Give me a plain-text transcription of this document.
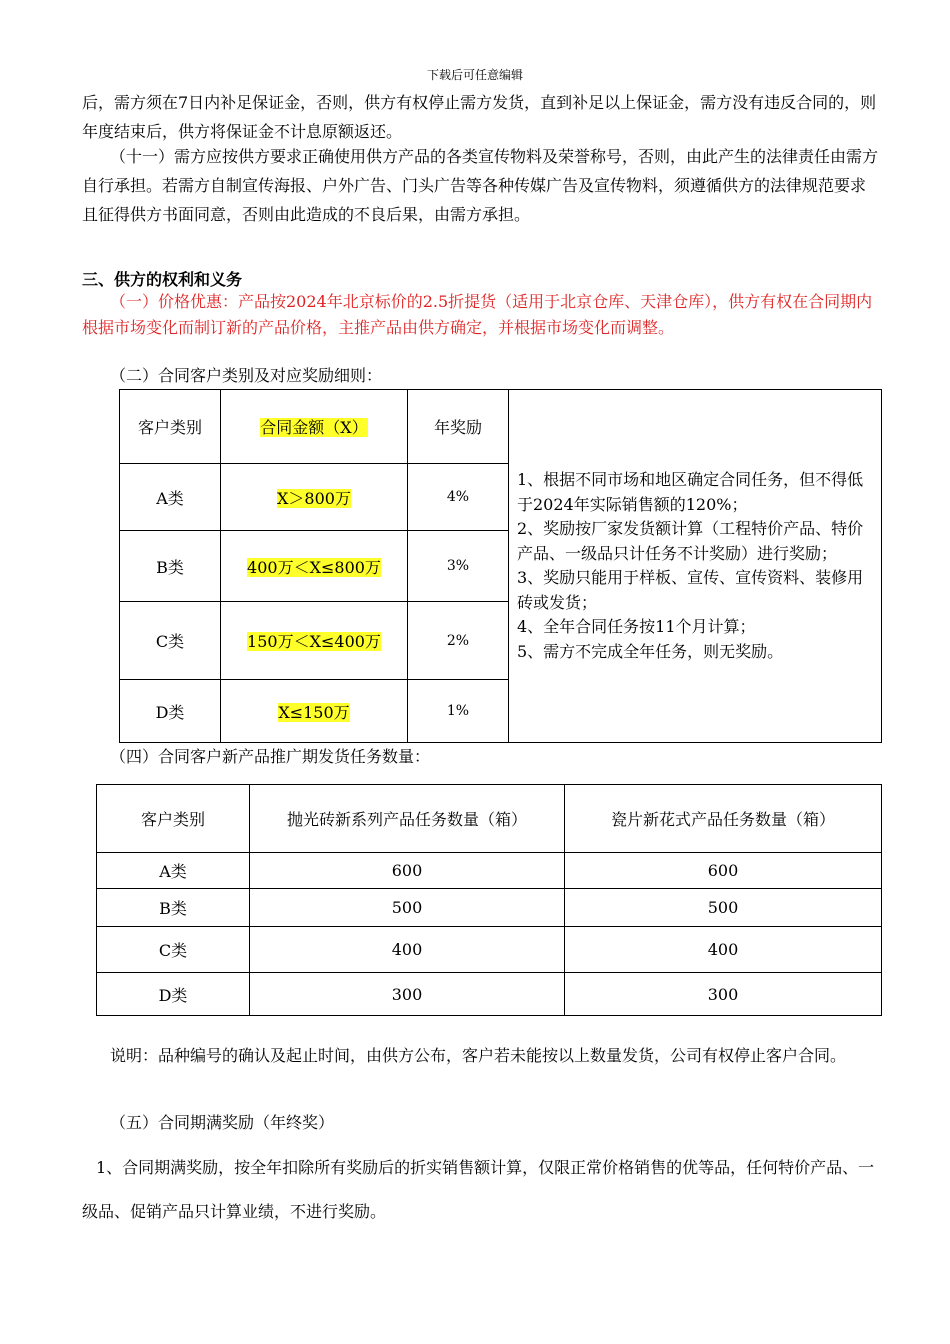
下载后可任意编辑

后，需方须在7日内补足保证金，否则，供方有权停止需方发货，直到补足以上保证金，需方没有违反合同的，则年度结束后，供方将保证金不计息原额返还。

（十一）需方应按供方要求正确使用供方产品的各类宣传物料及荣誉称号，否则，由此产生的法律责任由需方自行承担。若需方自制宣传海报、户外广告、门头广告等各种传媒广告及宣传物料，须遵循供方的法律规范要求且征得供方书面同意，否则由此造成的不良后果，由需方承担。

三、供方的权利和义务

（一）价格优惠：产品按2024年北京标价的2.5折提货（适用于北京仓库、天津仓库），供方有权在合同期内根据市场变化而制订新的产品价格，主推产品由供方确定，并根据市场变化而调整。

（二）合同客户类别及对应奖励细则：

客户类别	合同金额（X）	年奖励	1、根据不同市场和地区确定合同任务，但不得低于2024年实际销售额的120%；
2、奖励按厂家发货额计算（工程特价产品、特价产品、一级品只计任务不计奖励）进行奖励；
3、奖励只能用于样板、宣传、宣传资料、装修用砖或发货；
4、全年合同任务按11个月计算；
5、需方不完成全年任务，则无奖励。

A类	X＞800万	4%	
B类	400万＜X≤800万	3%	
C类	150万＜X≤400万	2%	
D类	X≤150万	1%	

（四）合同客户新产品推广期发货任务数量：

客户类别	抛光砖新系列产品任务数量（箱）	瓷片新花式产品任务数量（箱）
A类	600	600
B类	500	500
C类	400	400
D类	300	300

说明：品种编号的确认及起止时间，由供方公布，客户若未能按以上数量发货，公司有权停止客户合同。

（五）合同期满奖励（年终奖）

1、合同期满奖励，按全年扣除所有奖励后的折实销售额计算，仅限正常价格销售的优等品，任何特价产品、一级品、促销产品只计算业绩，不进行奖励。
